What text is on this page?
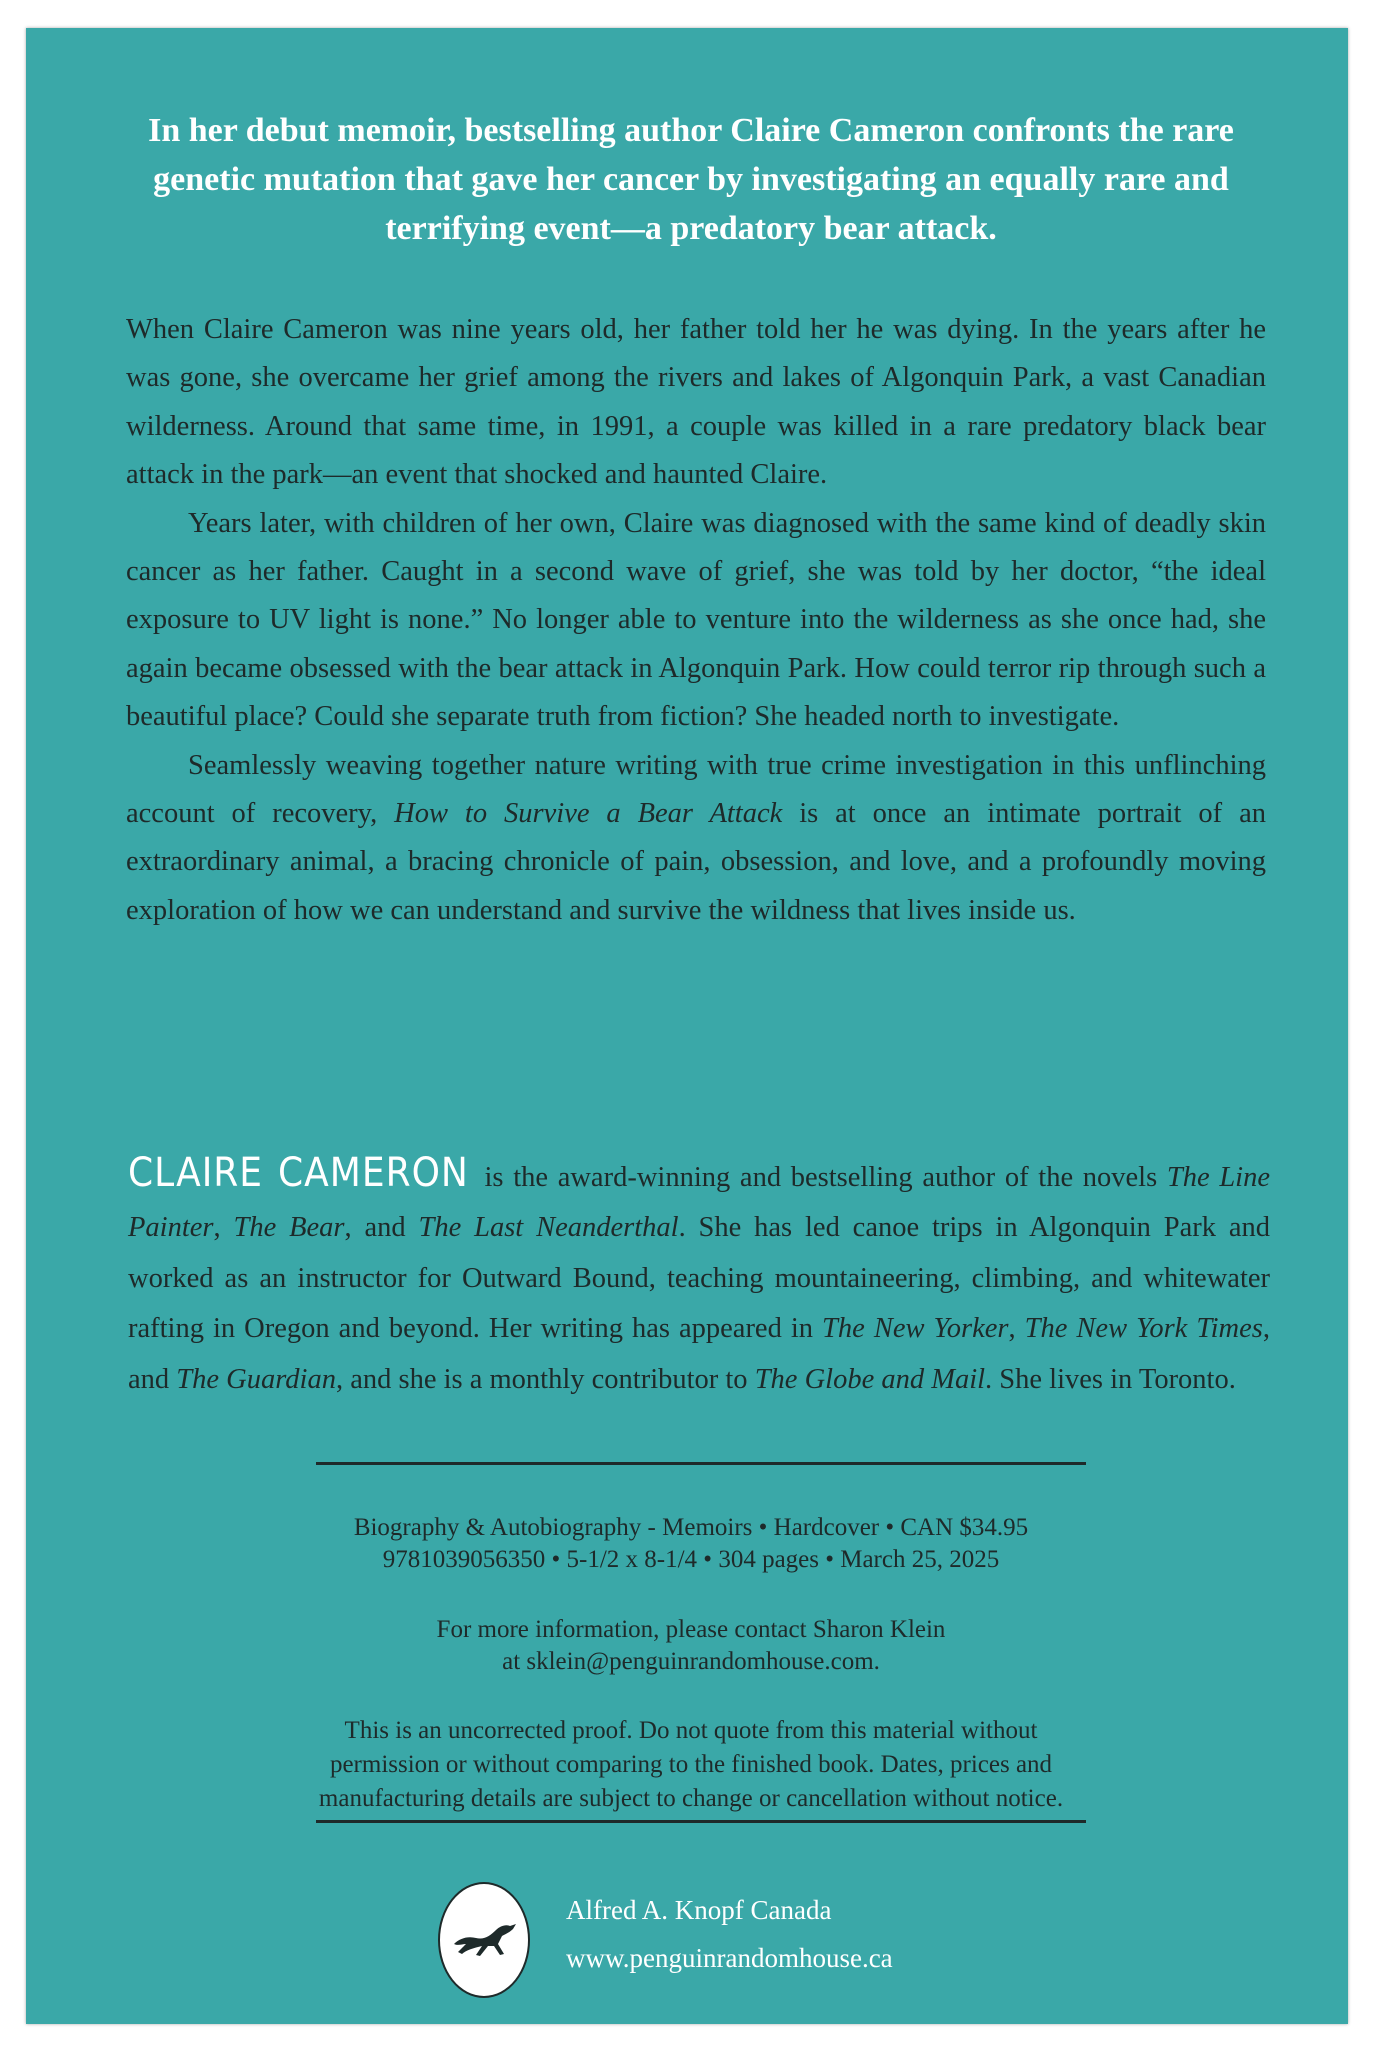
In her debut memoir, bestselling author Claire Cameron confronts the rare genetic mutation that gave her cancer by investigating an equally rare and terrifying event—a predatory bear attack.

When Claire Cameron was nine years old, her father told her he was dying. In the years after he was gone, she overcame her grief among the rivers and lakes of Algonquin Park, a vast Canadian wilderness. Around that same time, in 1991, a couple was killed in a rare predatory black bear attack in the park—an event that shocked and haunted Claire.

Years later, with children of her own, Claire was diagnosed with the same kind of deadly skin cancer as her father. Caught in a second wave of grief, she was told by her doctor, “the ideal exposure to UV light is none.” No longer able to venture into the wilderness as she once had, she again became obsessed with the bear attack in Algonquin Park. How could terror rip through such a beautiful place? Could she separate truth from fiction? She headed north to investigate.

Seamlessly weaving together nature writing with true crime investigation in this unflinching account of recovery, How to Survive a Bear Attack is at once an intimate portrait of an extraordinary animal, a bracing chronicle of pain, obsession, and love, and a profoundly moving exploration of how we can understand and survive the wildness that lives inside us.

CLAIRE CAMERON is the award-winning and bestselling author of the novels The Line Painter, The Bear, and The Last Neanderthal. She has led canoe trips in Algonquin Park and worked as an instructor for Outward Bound, teaching mountaineering, climbing, and whitewater rafting in Oregon and beyond. Her writing has appeared in The New Yorker, The New York Times, and The Guardian, and she is a monthly contributor to The Globe and Mail. She lives in Toronto.

Biography & Autobiography - Memoirs • Hardcover • CAN $34.95
9781039056350 • 5-1/2 x 8-1/4 • 304 pages • March 25, 2025
For more information, please contact Sharon Klein
at sklein@penguinrandomhouse.com.
This is an uncorrected proof. Do not quote from this material without
permission or without comparing to the finished book. Dates, prices and
manufacturing details are subject to change or cancellation without notice.
Alfred A. Knopf Canada
www.penguinrandomhouse.ca
